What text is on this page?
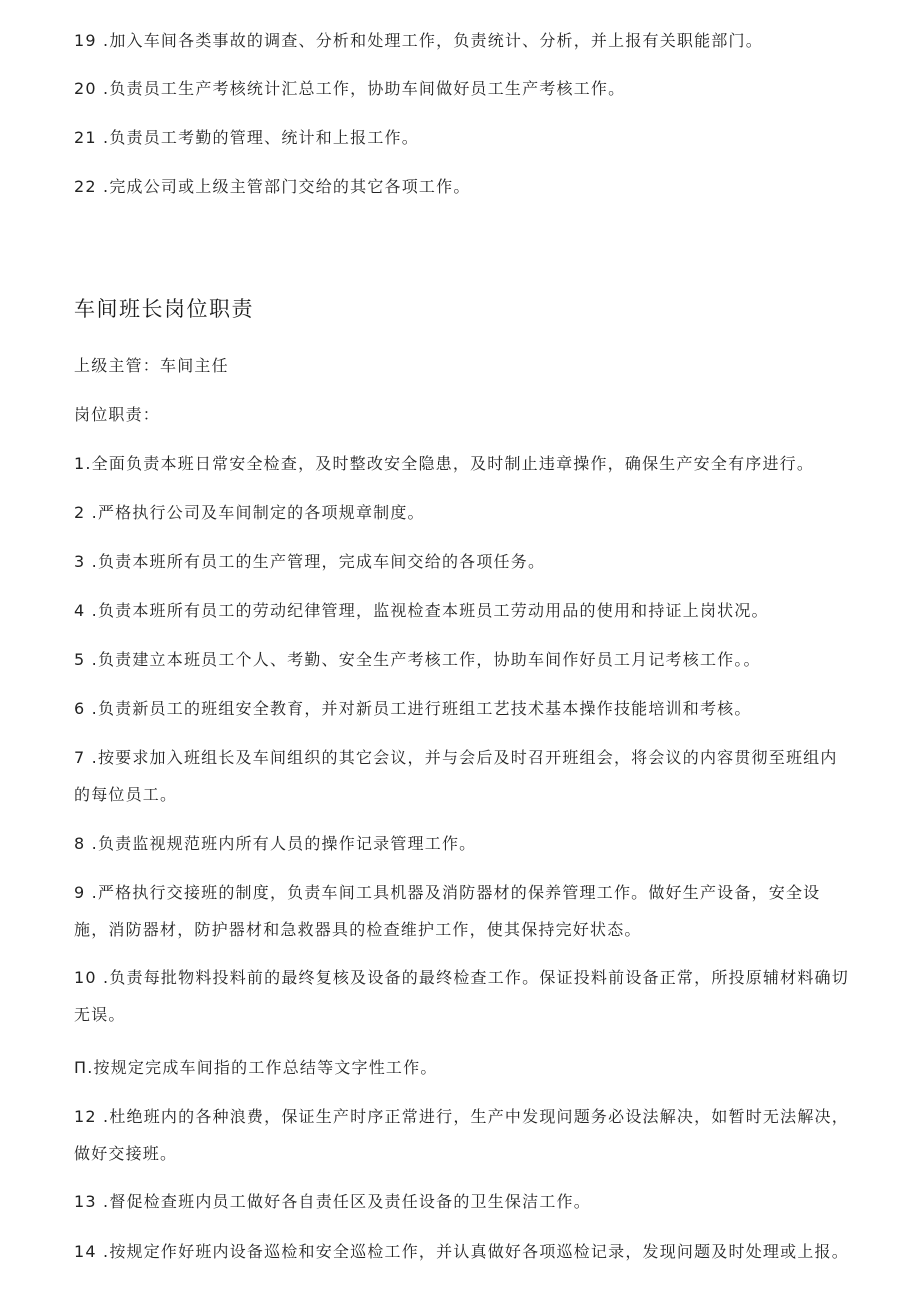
19 .加入车间各类事故的调查、分析和处理工作，负责统计、分析，并上报有关职能部门。
20 .负责员工生产考核统计汇总工作，协助车间做好员工生产考核工作。
21 .负责员工考勤的管理、统计和上报工作。
22 .完成公司或上级主管部门交给的其它各项工作。
车间班长岗位职责
上级主管：车间主任
岗位职责：
1.全面负责本班日常安全检查，及时整改安全隐患，及时制止违章操作，确保生产安全有序进行。
2 .严格执行公司及车间制定的各项规章制度。
3 .负责本班所有员工的生产管理，完成车间交给的各项任务。
4 .负责本班所有员工的劳动纪律管理，监视检查本班员工劳动用品的使用和持证上岗状况。
5 .负责建立本班员工个人、考勤、安全生产考核工作，协助车间作好员工月记考核工作。。
6 .负责新员工的班组安全教育，并对新员工进行班组工艺技术基本操作技能培训和考核。
7 .按要求加入班组长及车间组织的其它会议，并与会后及时召开班组会，将会议的内容贯彻至班组内的每位员工。
8 .负责监视规范班内所有人员的操作记录管理工作。
9 .严格执行交接班的制度，负责车间工具机器及消防器材的保养管理工作。做好生产设备，安全设施，消防器材，防护器材和急救器具的检查维护工作，使其保持完好状态。
10 .负责每批物料投料前的最终复核及设备的最终检查工作。保证投料前设备正常，所投原辅材料确切无误。
Π.按规定完成车间指的工作总结等文字性工作。
12 .杜绝班内的各种浪费，保证生产时序正常进行，生产中发现问题务必设法解决，如暂时无法解决，做好交接班。
13 .督促检查班内员工做好各自责任区及责任设备的卫生保洁工作。
14 .按规定作好班内设备巡检和安全巡检工作，并认真做好各项巡检记录，发现问题及时处理或上报。
